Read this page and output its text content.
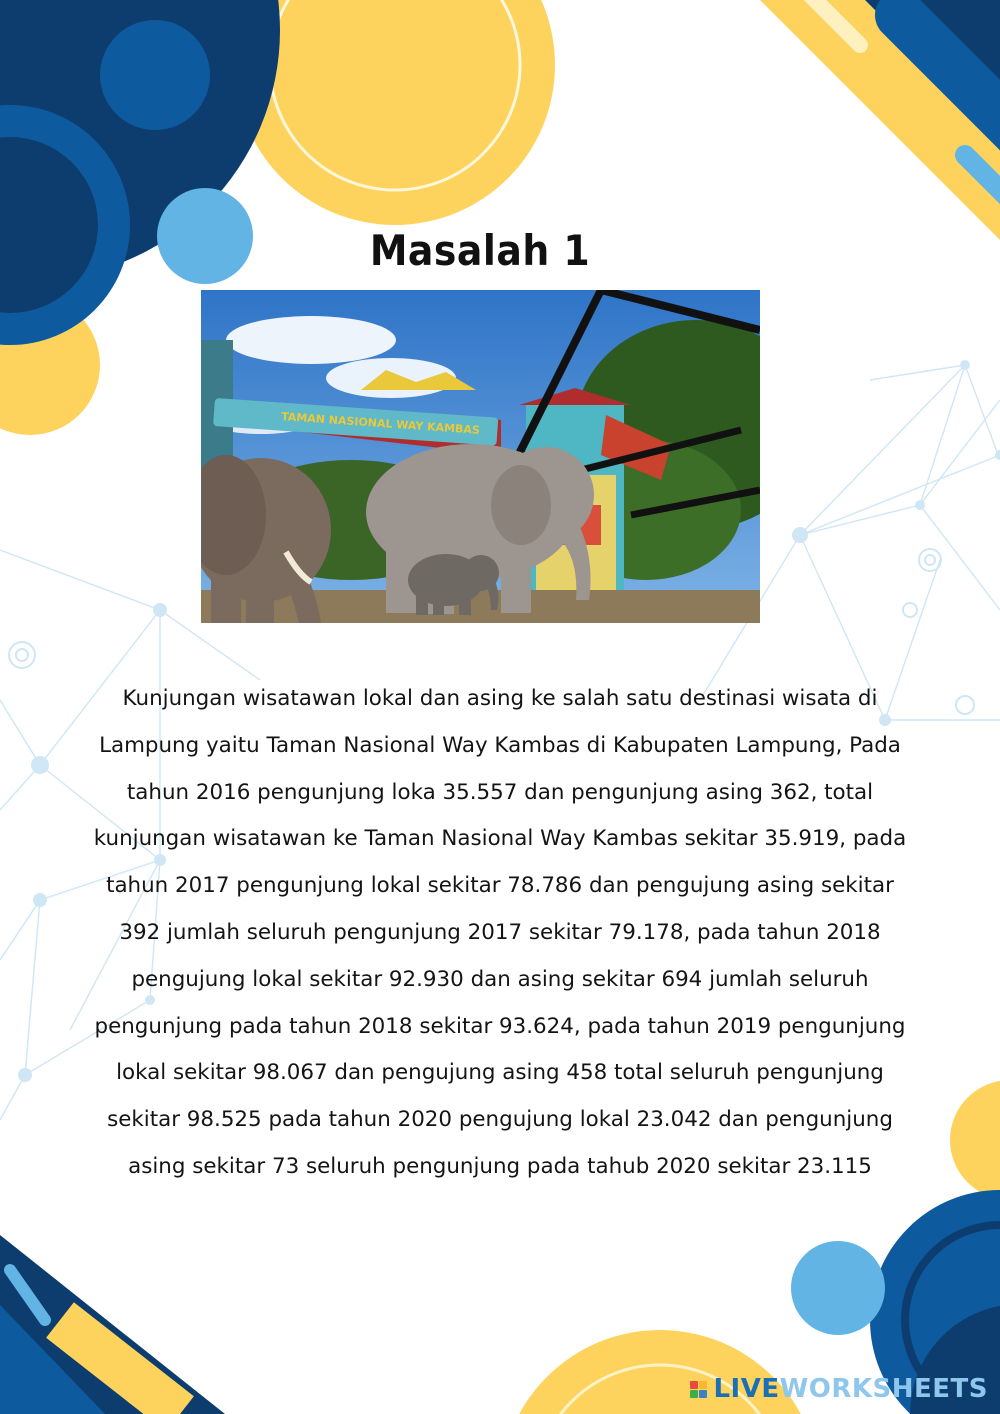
Masalah 1
TAMAN NASIONAL WAY KAMBAS
Kunjungan wisatawan lokal dan asing ke salah satu destinasi wisata di
Lampung yaitu Taman Nasional Way Kambas di Kabupaten Lampung, Pada
tahun 2016 pengunjung loka 35.557 dan pengunjung asing 362, total
kunjungan wisatawan ke Taman Nasional Way Kambas sekitar 35.919, pada
tahun 2017 pengunjung lokal sekitar 78.786 dan pengujung asing sekitar
392 jumlah seluruh pengunjung 2017 sekitar 79.178, pada tahun 2018
pengujung lokal sekitar 92.930 dan asing sekitar 694 jumlah seluruh
pengunjung pada tahun 2018 sekitar 93.624, pada tahun 2019 pengunjung
lokal sekitar 98.067 dan pengujung asing 458 total seluruh pengunjung
sekitar 98.525 pada tahun 2020 pengujung lokal 23.042 dan pengunjung
asing sekitar 73 seluruh pengunjung pada tahub 2020 sekitar 23.115
LIVEWORKSHEETS
